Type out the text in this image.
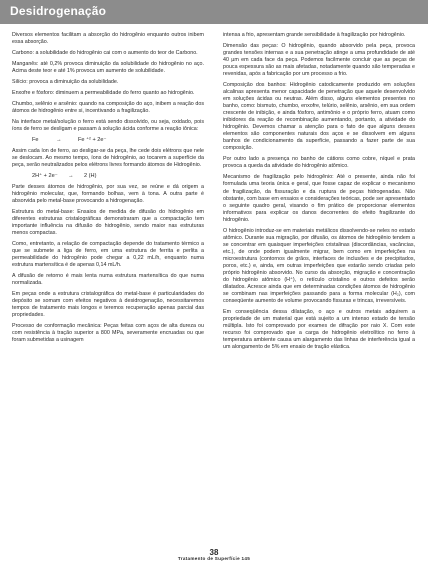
Desidrogenação

Diversos elementos facilitam a absorção do hidrogênio enquanto outros inibem essa absorção.

Carbono: a solubilidade do hidrogênio cai com o aumento do teor de Carbono.

Manganês: até 0,2% provoca diminuição da solubilidade do hidrogênio no aço. Acima deste teor e até 1% provoca um aumento de solubilidade.

Silício: provoca a diminuição da solubilidade.

Enxofre e fósforo: diminuem a permeabilidade do ferro quanto ao hidrogênio.

Chumbo, selênio e arsênio: quando na composição do aço, inibem a reação dos átomos de hidrogênio entre si, incentivando a fragilização.

Na interface metal/solução o ferro está sendo dissolvido, ou seja, oxidado, pois íons de ferro se desligam e passam à solução ácida conforme a reação iônica:

Fe	→	Fe ⁺² + 2e⁻

Assim cada íon de ferro, ao desligar-se da peça, lhe cede dois elétrons que nele se deslocam. Ao mesmo tempo, íons de hidrogênio, ao tocarem a superfície da peça, serão neutralizados pelos elétrons livres formando átomos de Hidrogênio.

2H⁺ + 2e⁻ → 2 (H)

Parte desses átomos de hidrogênio, por sua vez, se reúne e dá origem a hidrogênio molecular, que, formando bolhas, vem à tona. A outra parte é absorvida pelo metal-base provocando a hidrogenação.

Estrutura do metal-base: Ensaios de medida de difusão do hidrogênio em diferentes estruturas cristalográficas demonstraram que a compactação tem importante influência na difusão do hidrogênio, sendo maior nas estruturas menos compactas.

Como, entretanto, a relação de compactação depende do tratamento térmico a que se submete a liga de ferro, em uma estrutura de ferrita e perlita a permeabilidade do hidrogênio pode chegar a 0,22 mL/h, enquanto numa estrutura martensítica é de apenas 0,14 mL/h.

A difusão de retorno é mais lenta numa estrutura martensítica do que numa normalizada.

Em peças onde a estrutura cristalográfica do metal-base é particularidades do depósito se somam com efeitos negativos à desidrogenação, necessitaremos tempos de tratamento mais longos e teremos recuperação apenas parcial das propriedades.

Processo de conformação mecânica: Peças feitas com aços de alta dureza ou com resistência à tração superior a 800 MPa, severamente encruadas ou que foram submetidas a usinagem

intensa a frio, apresentam grande sensibilidade à fragilização por hidrogênio.

Dimensão das peças: O hidrogênio, quando absorvido pela peça, provoca grandes tensões internas e a sua penetração atinge a uma profundidade de até 40 µm em cada face da peça. Podemos facilmente concluir que as peças de pouca espessura são as mais afetadas, notadamente quando são temperadas e revenidas, após a fabricação por um processo a frio.

Composição dos banhos: Hidrogênio catodicamente produzido em soluções alcalinas apresenta menor capacidade de penetração que aquele desenvolvido em soluções ácidas ou neutras. Além disso, alguns elementos presentes no banho, como: bismuto, chumbo, enxofre, telúrio, selênio, arsênio, em sua ordem crescente de inibição, e ainda fósforo, antimônio e o próprio ferro, atuam como inibidores da reação de recombinação aumentando, portanto, a atividade do hidrogênio. Devemos chamar a atenção para o fato de que alguns desses elementos são componentes naturais dos aços e se dissolvem em alguns banhos de condicionamento da superfície, passando a fazer parte de sua composição.

Por outro lado a presença no banho de cátions como cobre, níquel e prata provoca a queda da atividade do hidrogênio atômico.

Mecanismo de fragilização pelo hidrogênio: Até o presente, ainda não foi formulada uma teoria única e geral, que fosse capaz de explicar o mecanismo de fragilização, da fissuração e da ruptura de peças hidrogenadas. Não obstante, com base em ensaios e considerações teóricas, pode ser apresentado o seguinte quadro geral, visando o fim prático de proporcionar elementos informativos para explicar os danos decorrentes do efeito fragilizante do hidrogênio.

O hidrogênio introduz-se em materiais metálicos dissolvendo-se neles no estado atômico. Durante sua migração, por difusão, os átomos de hidrogênio tendem a se concentrar em quaisquer imperfeições cristalinas (discordâncias, vacâncias, etc.), de onde podem igualmente migrar, bem como em imperfeições na microestrutura (contornos de grãos, interfaces de inclusões e de precipitados, poros, etc.) e, ainda, em outras imperfeições que estarão sendo criadas pelo próprio hidrogênio absorvido. No curso da absorção, migração e concentração do hidrogênio atômico (H⁺), o retículo cristalino e outros defeitos serão dilatados. Acresce ainda que em determinadas condições átomos de hidrogênio se combinam nas imperfeições passando para a forma molecular (H₂), com conseqüente aumento de volume provocando fissuras e trincas, irreversíveis.

Em conseqüência dessa dilatação, o aço e outros metais adquirem a propriedade de um material que está sujeito a um intenso estado de tensão múltipla. Isto foi comprovado por exames de difração por raio X. Com este recurso foi comprovado que a carga de hidrogênio eletrolítico no ferro à temperatura ambiente causa um alargamento das linhas de interferência igual a um alongamento de 5% em ensaio de tração elástica.

38
Tratamento de Superfície 145
